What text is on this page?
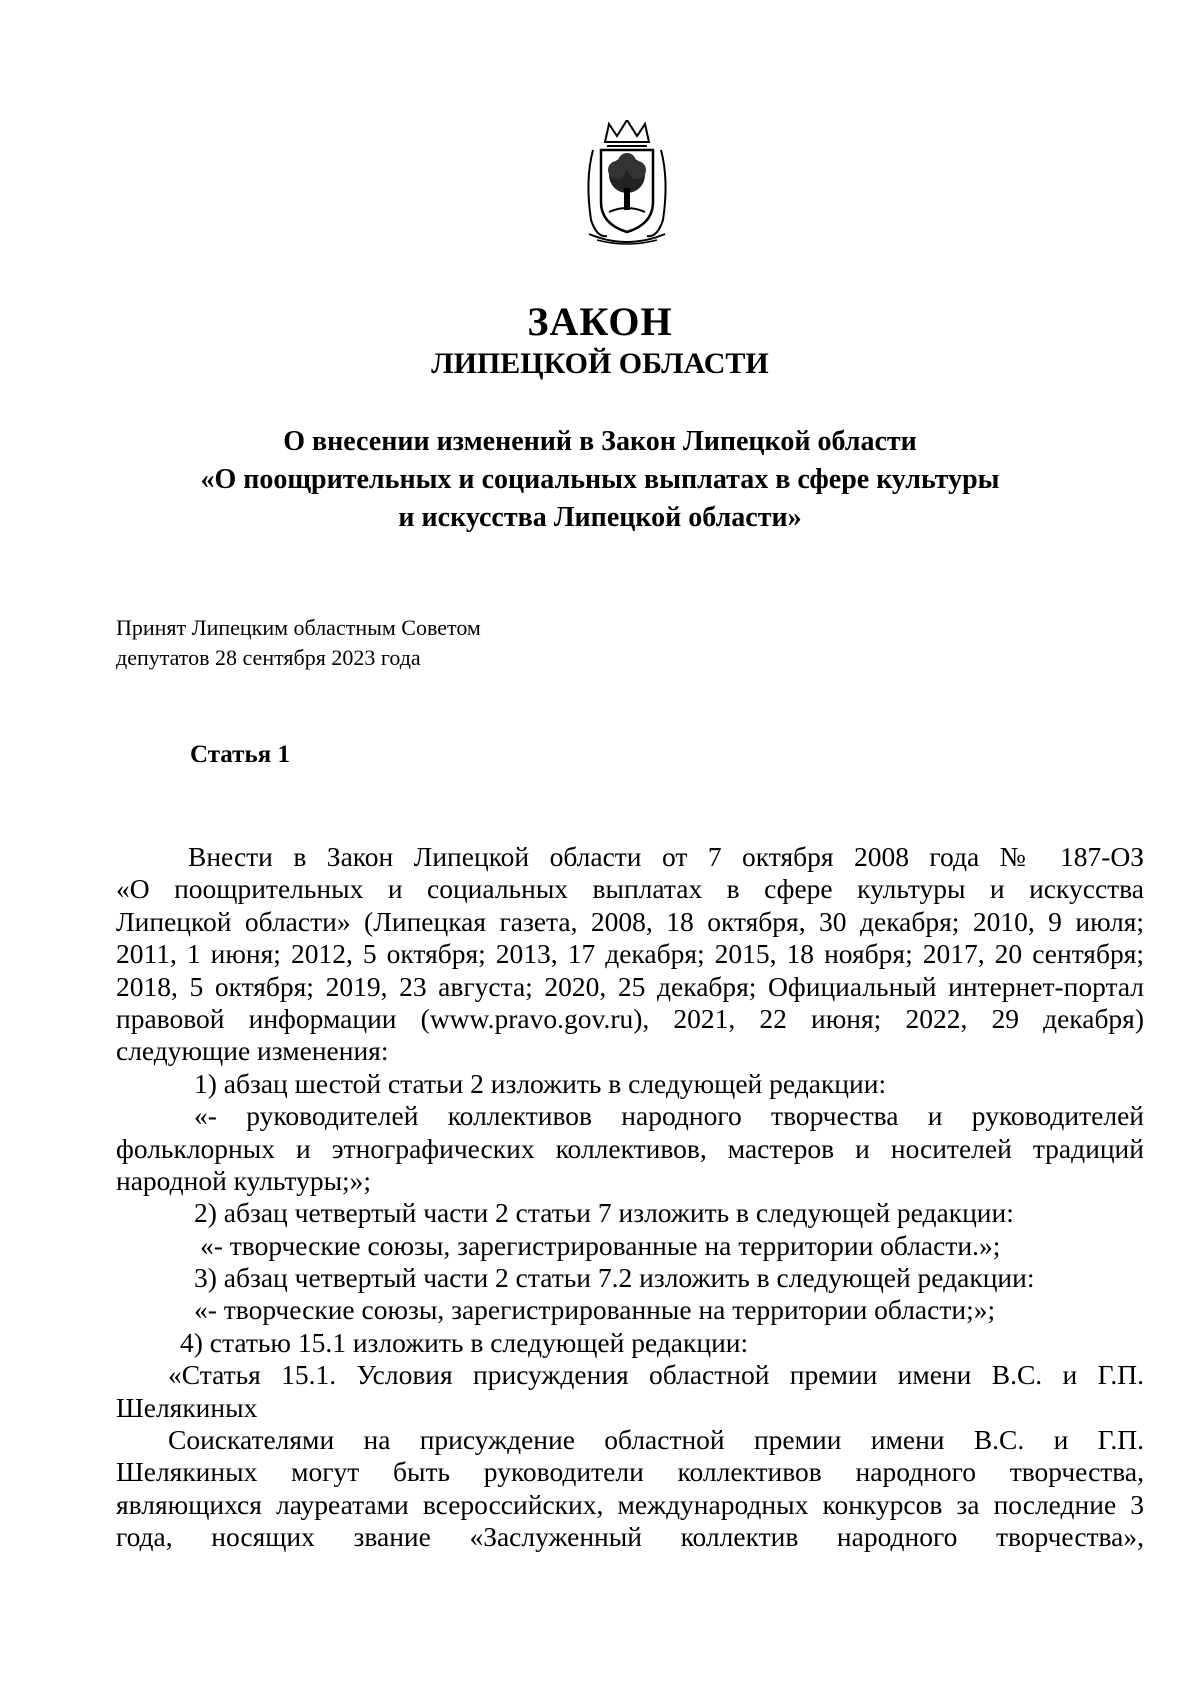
ЗАКОН
ЛИПЕЦКОЙ ОБЛАСТИ
О внесении изменений в Закон Липецкой области
«О поощрительных и социальных выплатах в сфере культуры
и искусства Липецкой области»
Принят Липецким областным Советом
депутатов 28 сентября 2023 года
Статья 1
Внести в Закон Липецкой области от 7 октября 2008 года № 187-ОЗ
«О поощрительных и социальных выплатах в сфере культуры и искусства
Липецкой области» (Липецкая газета, 2008, 18 октября, 30 декабря; 2010, 9 июля;
2011, 1 июня; 2012, 5 октября; 2013, 17 декабря; 2015, 18 ноября; 2017, 20 сентября;
2018, 5 октября; 2019, 23 августа; 2020, 25 декабря; Официальный интернет-портал
правовой информации (www.pravo.gov.ru), 2021, 22 июня; 2022, 29 декабря)
следующие изменения:
1) абзац шестой статьи 2 изложить в следующей редакции:
«- руководителей коллективов народного творчества и руководителей
фольклорных и этнографических коллективов, мастеров и носителей традиций
народной культуры;»;
2) абзац четвертый части 2 статьи 7 изложить в следующей редакции:
«- творческие союзы, зарегистрированные на территории области.»;
3) абзац четвертый части 2 статьи 7.2 изложить в следующей редакции:
«- творческие союзы, зарегистрированные на территории области;»;
4) статью 15.1 изложить в следующей редакции:
«Статья 15.1. Условия присуждения областной премии имени В.С. и Г.П.
Шелякиных
Соискателями на присуждение областной премии имени В.С. и Г.П.
Шелякиных могут быть руководители коллективов народного творчества,
являющихся лауреатами всероссийских, международных конкурсов за последние 3
года, носящих звание «Заслуженный коллектив народного творчества»,
